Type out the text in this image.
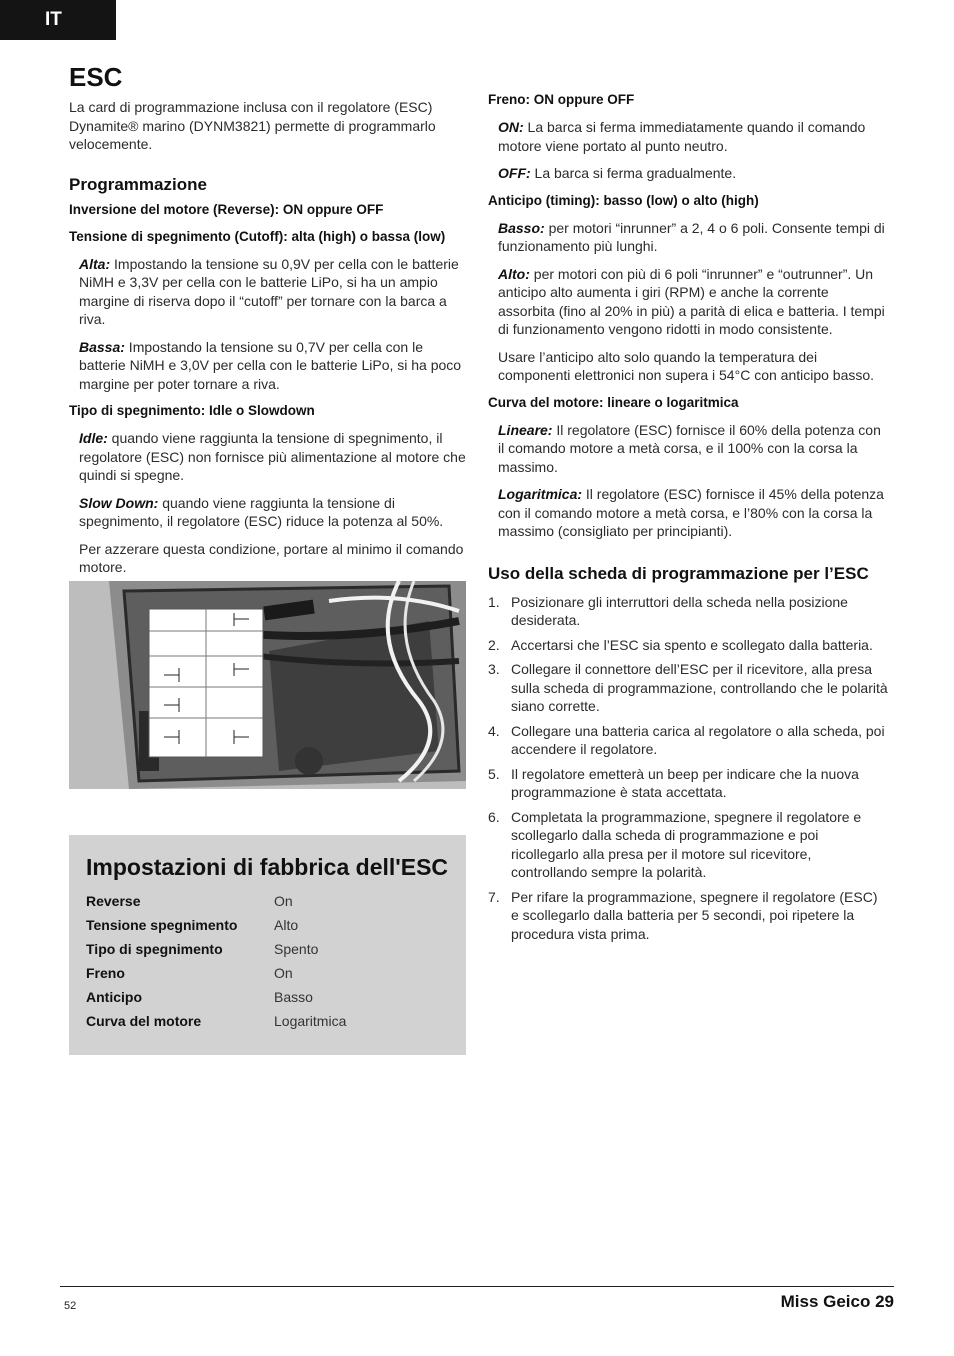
IT
ESC

La card di programmazione inclusa con il regolatore (ESC) Dynamite® marino (DYNM3821) permette di programmarlo velocemente.

Programmazione
Inversione del motore (Reverse): ON oppure OFF
Tensione di spegnimento (Cutoff): alta (high) o bassa (low)

Alta: Impostando la tensione su 0,9V per cella con le batterie NiMH e 3,3V per cella con le batterie LiPo, si ha un ampio margine di riserva dopo il “cutoff” per tornare con la barca a riva.

Bassa: Impostando la tensione su 0,7V per cella con le batterie NiMH e 3,0V per cella con le batterie LiPo, si ha poco margine per poter tornare a riva.

Tipo di spegnimento: Idle o Slowdown

Idle: quando viene raggiunta la tensione di spegnimento, il regolatore (ESC) non fornisce più alimentazione al motore che quindi si spegne.

Slow Down: quando viene raggiunta la tensione di spegnimento, il regolatore (ESC) riduce la potenza al 50%.

Per azzerare questa condizione, portare al minimo il comando motore.

Impostazioni di fabbrica dell'ESC
Reverse	On
Tensione spegnimento	Alto
Tipo di spegnimento	Spento
Freno	On
Anticipo	Basso
Curva del motore	Logaritmica
Freno: ON oppure OFF

ON: La barca si ferma immediatamente quando il comando motore viene portato al punto neutro.

OFF: La barca si ferma gradualmente.

Anticipo (timing): basso (low) o alto (high)

Basso: per motori “inrunner” a 2, 4 o 6 poli. Consente tempi di funzionamento più lunghi.

Alto: per motori con più di 6 poli “inrunner” e “outrunner”. Un anticipo alto aumenta i giri (RPM) e anche la corrente assorbita (fino al 20% in più) a parità di elica e batteria. I tempi di funzionamento vengono ridotti in modo consistente.

Usare l’anticipo alto solo quando la temperatura dei componenti elettronici non supera i 54°C con anticipo basso.

Curva del motore: lineare o logaritmica

Lineare: Il regolatore (ESC) fornisce il 60% della potenza con il comando motore a metà corsa, e il 100% con la corsa la massimo.

Logaritmica: Il regolatore (ESC) fornisce il 45% della potenza con il comando motore a metà corsa, e l’80% con la corsa la massimo (consigliato per principianti).

Uso della scheda di programmazione per l’ESC
1. Posizionare gli interruttori della scheda nella posizione desiderata.
2. Accertarsi che l’ESC sia spento e scollegato dalla batteria.
3. Collegare il connettore dell’ESC per il ricevitore, alla presa sulla scheda di programmazione, controllando che le polarità siano corrette.
4. Collegare una batteria carica al regolatore o alla scheda, poi accendere il regolatore.
5. Il regolatore emetterà un beep per indicare che la nuova programmazione è stata accettata.
6. Completata la programmazione, spegnere il regolatore e scollegarlo dalla scheda di programmazione e poi ricollegarlo alla presa per il motore sul ricevitore, controllando sempre la polarità.
7. Per rifare la programmazione, spegnere il regolatore (ESC) e scollegarlo dalla batteria per 5 secondi, poi ripetere la procedura vista prima.
52	Miss Geico 29
